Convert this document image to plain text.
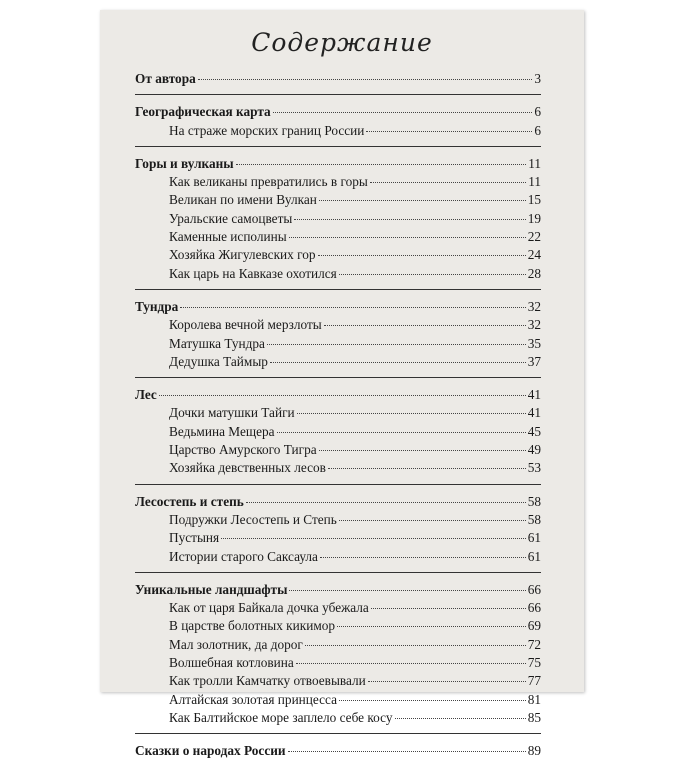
Содержание
От автора	3
Географическая карта	6
На страже морских границ России	6
Горы и вулканы	11
Как великаны превратились в горы	11
Великан по имени Вулкан	15
Уральские самоцветы	19
Каменные исполины	22
Хозяйка Жигулевских гор	24
Как царь на Кавказе охотился	28
Тундра	32
Королева вечной мерзлоты	32
Матушка Тундра	35
Дедушка Таймыр	37
Лес	41
Дочки матушки Тайги	41
Ведьмина Мещера	45
Царство Амурского Тигра	49
Хозяйка девственных лесов	53
Лесостепь и степь	58
Подружки Лесостепь и Степь	58
Пустыня	61
Истории старого Саксаула	61
Уникальные ландшафты	66
Как от царя Байкала дочка убежала	66
В царстве болотных кикимор	69
Мал золотник, да дорог	72
Волшебная котловина	75
Как тролли Камчатку отвоевывали	77
Алтайская золотая принцесса	81
Как Балтийское море заплело себе косу	85
Сказки о народах России	89
